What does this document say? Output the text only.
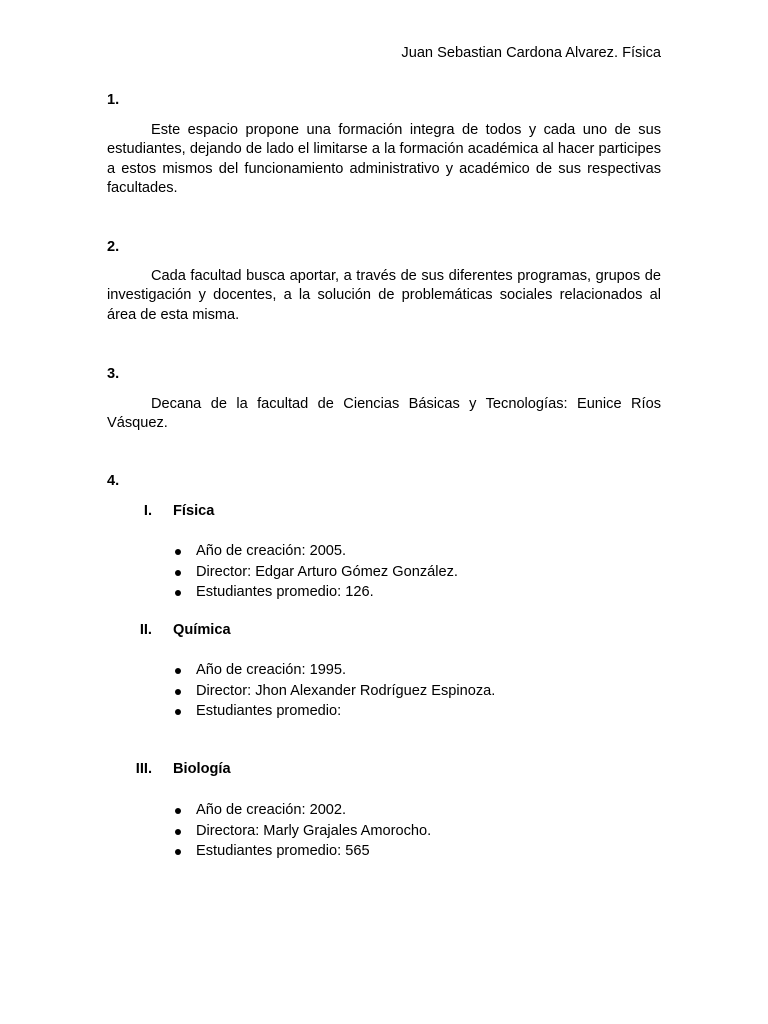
Juan Sebastian Cardona Alvarez. Física
1.
Este espacio propone una formación integra de todos y cada uno de sus estudiantes, dejando de lado el limitarse a la formación académica al hacer participes a estos mismos del funcionamiento administrativo y académico de sus respectivas facultades.
2.
Cada facultad busca aportar, a través de sus diferentes programas, grupos de investigación y docentes, a la solución de problemáticas sociales relacionados al área de esta misma.
3.
Decana de la facultad de Ciencias Básicas y Tecnologías: Eunice Ríos Vásquez.
4.
I. Física
Año de creación: 2005.
Director: Edgar Arturo Gómez González.
Estudiantes promedio: 126.
II. Química
Año de creación: 1995.
Director: Jhon Alexander Rodríguez Espinoza.
Estudiantes promedio:
III. Biología
Año de creación: 2002.
Directora: Marly Grajales Amorocho.
Estudiantes promedio: 565
